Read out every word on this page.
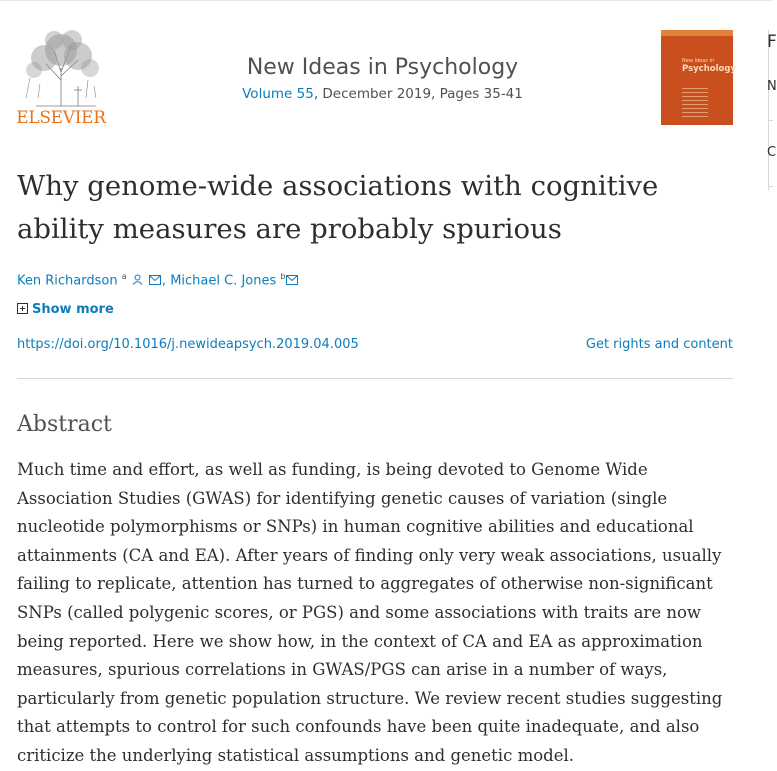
ELSEVIER
New Ideas in Psychology
Volume 55, December 2019, Pages 35-41
New Ideas in
Psychology
F
N
C
Why genome-wide associations with cognitive ability measures are probably spurious
Ken Richardson $^a$	, Michael C. Jones $^b$
Show more
https://doi.org/10.1016/j.newideapsych.2019.04.005	Get rights and content
Abstract

Much time and effort, as well as funding, is being devoted to Genome Wide Association Studies (GWAS) for identifying genetic causes of variation (single nucleotide polymorphisms or SNPs) in human cognitive abilities and educational attainments (CA and EA). After years of finding only very weak associations, usually failing to replicate, attention has turned to aggregates of otherwise non-significant SNPs (called polygenic scores, or PGS) and some associations with traits are now being reported. Here we show how, in the context of CA and EA as approximation measures, spurious correlations in GWAS/PGS can arise in a number of ways, particularly from genetic population structure. We review recent studies suggesting that attempts to control for such confounds have been quite inadequate, and also criticize the underlying statistical assumptions and genetic model.
